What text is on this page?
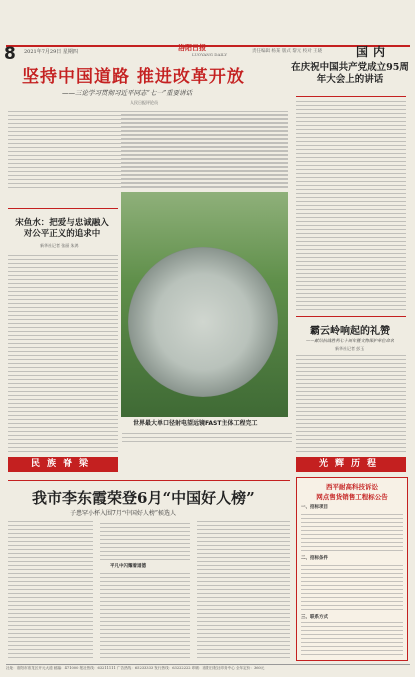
8 2021年7月29日 星期四	洛阳日报
LUOYANG DAILY
责任编辑 杨某 版式 黎元 校对 王晓	国内
坚持中国道路 推进改革开放
——三论学习贯彻习近平同志“七一”重要讲话
人民日报评论员
在庆祝中国共产党成立95周年大会上的讲话
宋鱼水：把爱与忠诚融入对公平正义的追求中
新华社记者 张丽 朱鸿
世界最大单口径射电望远镜FAST主体工程完工
霸云岭响起的礼赞
——献给抗战胜利七十周年暨文物保护单位命名
新华社记者 彭玉
民族脊梁	光辉历程
我市李东霞荣登6月“中国好人榜”
子患罕小杯入围7月“中国好人榜”候选人
平凡中闪耀着道德
西平耐高科技诉讼
网点售货销售工程标公告
一、招标项目
二、招标条件
三、联系方式
社址：洛阳市洛龙区开元大道 邮编：471000 报社热线：63211111 广告热线：65233333 发行热线：63222222 印刷：洛阳日报社印务中心 全年定价：360元
